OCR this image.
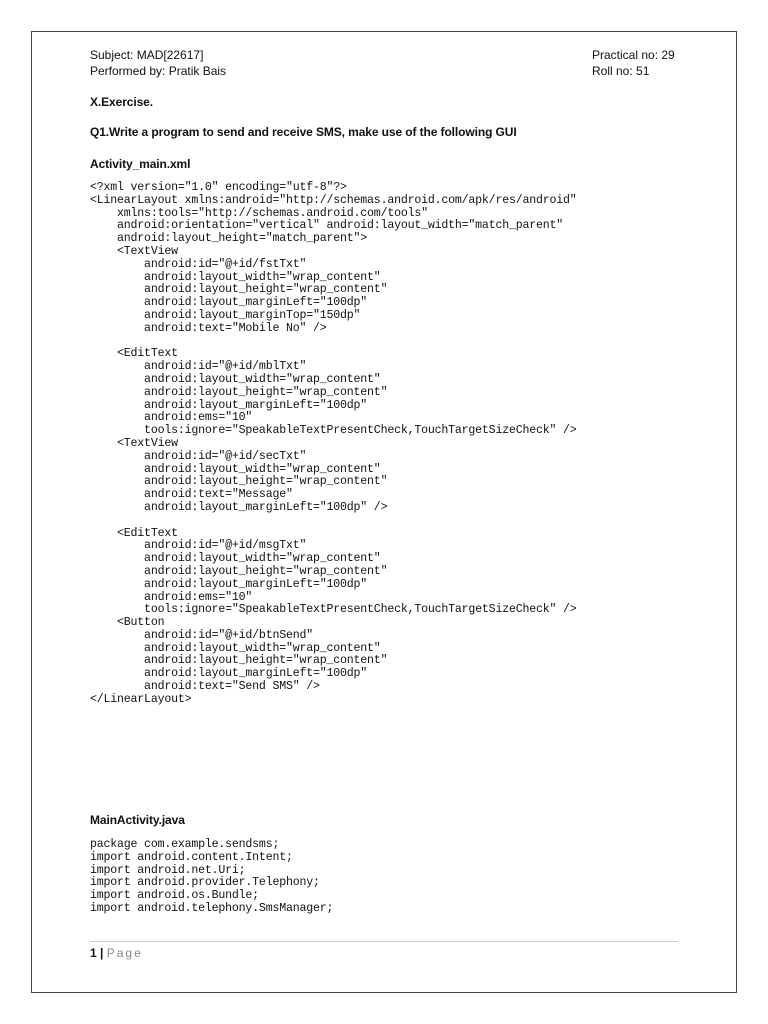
Subject: MAD[22617]
Performed by: Pratik Bais
Practical no: 29
Roll no: 51
X.Exercise.
Q1.Write a program to send and receive SMS, make use of the following GUI
Activity_main.xml
<?xml version="1.0" encoding="utf-8"?>
<LinearLayout xmlns:android="http://schemas.android.com/apk/res/android"
xmlns:tools="http://schemas.android.com/tools"
android:orientation="vertical" android:layout_width="match_parent"
android:layout_height="match_parent">
<TextView
android:id="@+id/fstTxt"
android:layout_width="wrap_content"
android:layout_height="wrap_content"
android:layout_marginLeft="100dp"
android:layout_marginTop="150dp"
android:text="Mobile No" />

<EditText
android:id="@+id/mblTxt"
android:layout_width="wrap_content"
android:layout_height="wrap_content"
android:layout_marginLeft="100dp"
android:ems="10"
tools:ignore="SpeakableTextPresentCheck,TouchTargetSizeCheck" />
<TextView
android:id="@+id/secTxt"
android:layout_width="wrap_content"
android:layout_height="wrap_content"
android:text="Message"
android:layout_marginLeft="100dp" />

<EditText
android:id="@+id/msgTxt"
android:layout_width="wrap_content"
android:layout_height="wrap_content"
android:layout_marginLeft="100dp"
android:ems="10"
tools:ignore="SpeakableTextPresentCheck,TouchTargetSizeCheck" />
<Button
android:id="@+id/btnSend"
android:layout_width="wrap_content"
android:layout_height="wrap_content"
android:layout_marginLeft="100dp"
android:text="Send SMS" />
</LinearLayout>
MainActivity.java
package com.example.sendsms;
import android.content.Intent;
import android.net.Uri;
import android.provider.Telephony;
import android.os.Bundle;
import android.telephony.SmsManager;
1 | Page
